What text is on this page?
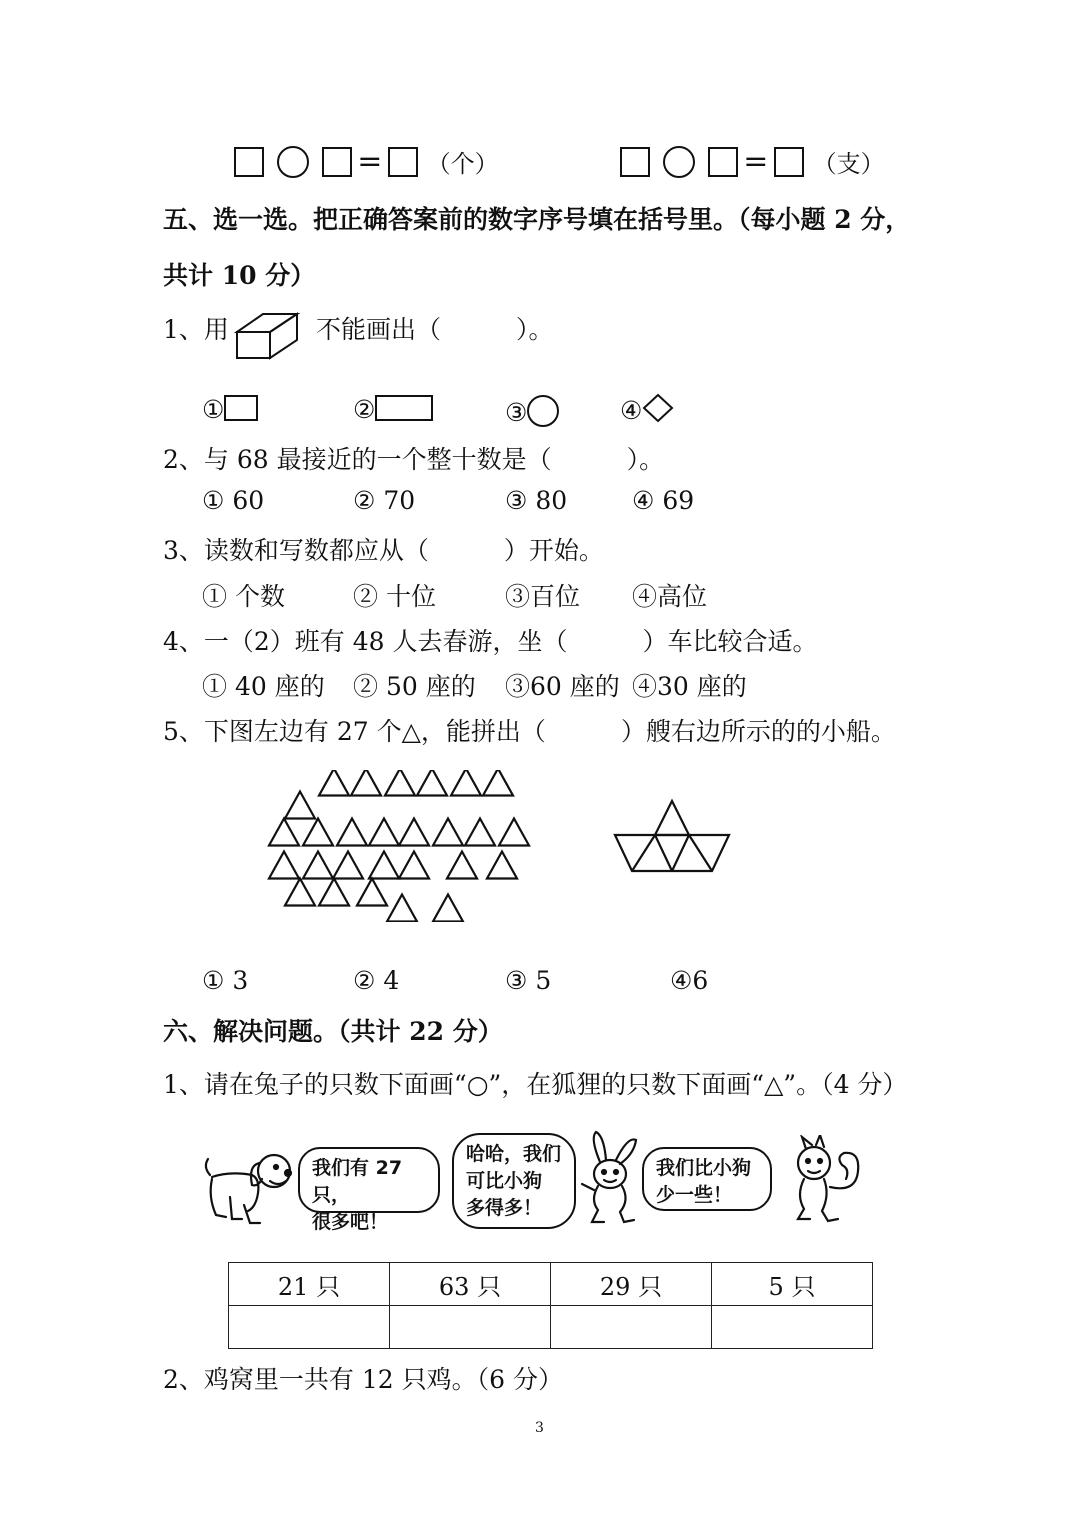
= （个）	= （支）
五、选一选。把正确答案前的数字序号填在括号里。（每小题 2 分，
共计 10 分）
1、用	不能画出（　　　）。
①	②	③	④
2、与 68 最接近的一个整十数是（　　　）。
① 60	② 70	③ 80	④ 69
3、读数和写数都应从（　　　）开始。
① 个数	② 十位	③百位 ④高位
4、一（2）班有 48 人去春游，坐（　　　）车比较合适。
① 40 座的 ② 50 座的 ③60 座的 ④30 座的
5、下图左边有 27 个△，能拼出（　　　）艘右边所示的的小船。
① 3	② 4	③ 5	④6
六、解决问题。（共计 22 分）
1、请在兔子的只数下面画“○”，在狐狸的只数下面画“△”。（4 分）
我们有 27 只，
很多吧！
哈哈，我们
可比小狗
多得多！
我们比小狗
少一些！
21 只	63 只	29 只	5 只

2、鸡窝里一共有 12 只鸡。（6 分）
3
